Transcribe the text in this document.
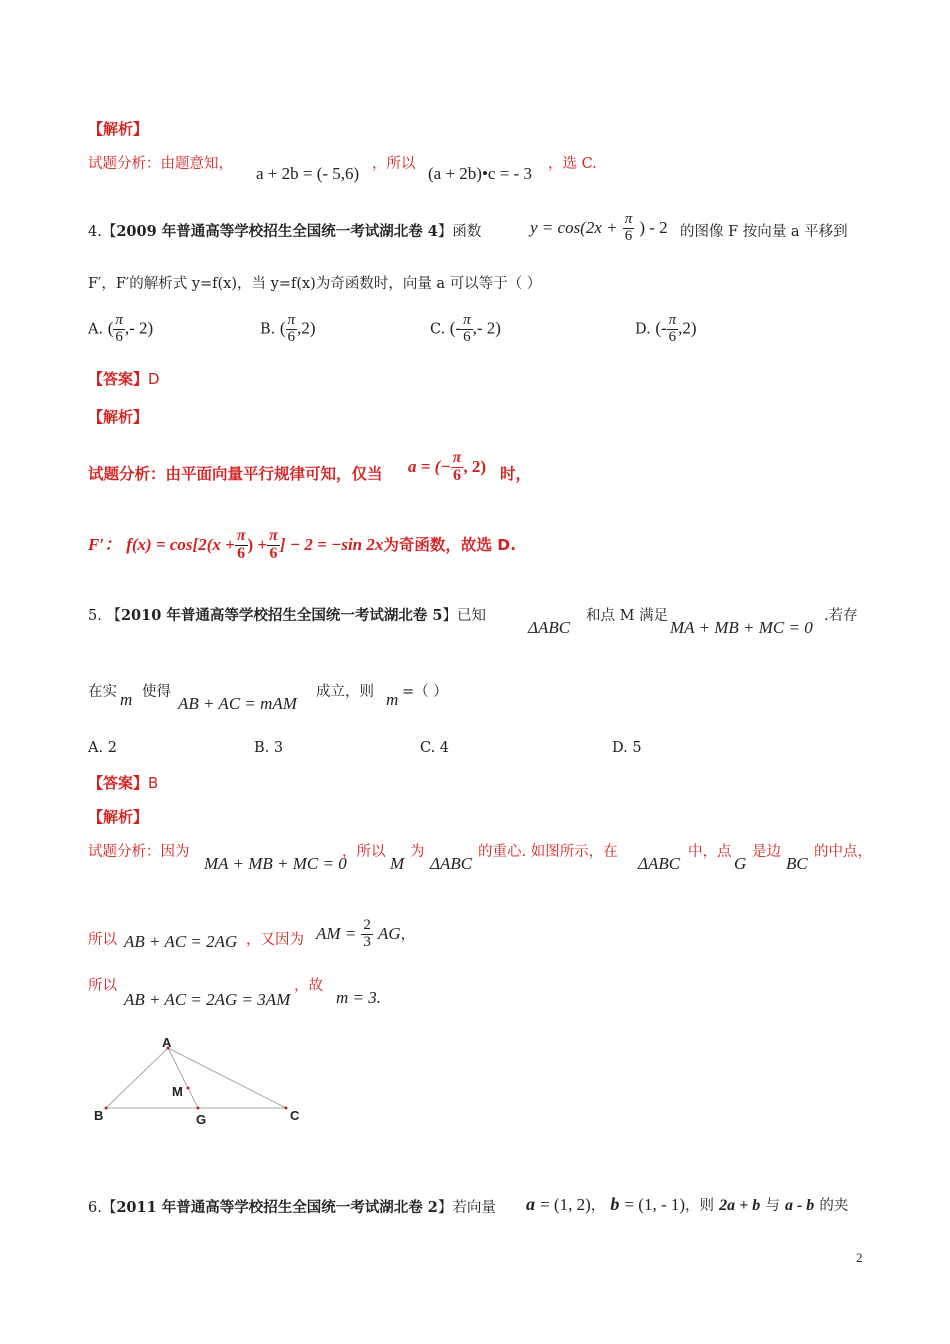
【解析】
试题分析：由题意知， a + 2b = (- 5,6) ，所以 (a + 2b)•c = - 3 ，选 C.
4.【2009 年普通高等学校招生全国统一考试湖北卷 4】函数	$y = \cos(2x + \frac{\pi}{6}$ ) - 2 的图像 F 按向量 a 平移到
F′，F′的解析式 y=f(x)，当 y=f(x)为奇函数时，向量 a 可以等于（ ）
A. ( $\frac{\pi}{6}$ ,- 2)	B. ( $\frac{\pi}{6} ,2$)	C. (- $\frac{\pi}{6}$ ,- 2)	D. (- $\frac{\pi}{6} ,2$)
【答案】D
【解析】
试题分析：由平面向量平行规律可知，仅当 a = (− $\frac{\pi}{6}$ , 2) 时，
F′： $f(x) = \cos[2(x + \frac{\pi}{6}$ ) + $\frac{\pi}{6}$ ] − 2 = −sin 2x为奇函数，故选 D.
5. 【2010 年普通高等学校招生全国统一考试湖北卷 5】已知
ΔABC
和点 M 满足
MA + MB + MC = 0
.若存
在实 m 使得
AB + AC = mAM
成立，则 m =（ ）
A. 2	B. 3	C. 4	D. 5
【答案】B
【解析】
试题分析：因为
MA + MB + MC = 0
，所以
M
为
ΔABC
的重心. 如图所示，在
ΔABC
中，点
G
是边
BC
的中点，
所以 AB + AC = 2AG ，又因为 AM = $\frac{2}{3}$ AG，
所以
AB + AC = 2AG = 3AM
，故
m = 3.
A
B	C
M
G
6.【2011 年普通高等学校招生全国统一考试湖北卷 2】若向量 a = (1, 2)， b = (1, - 1)，则 2a + b 与 a - b 的夹
2
